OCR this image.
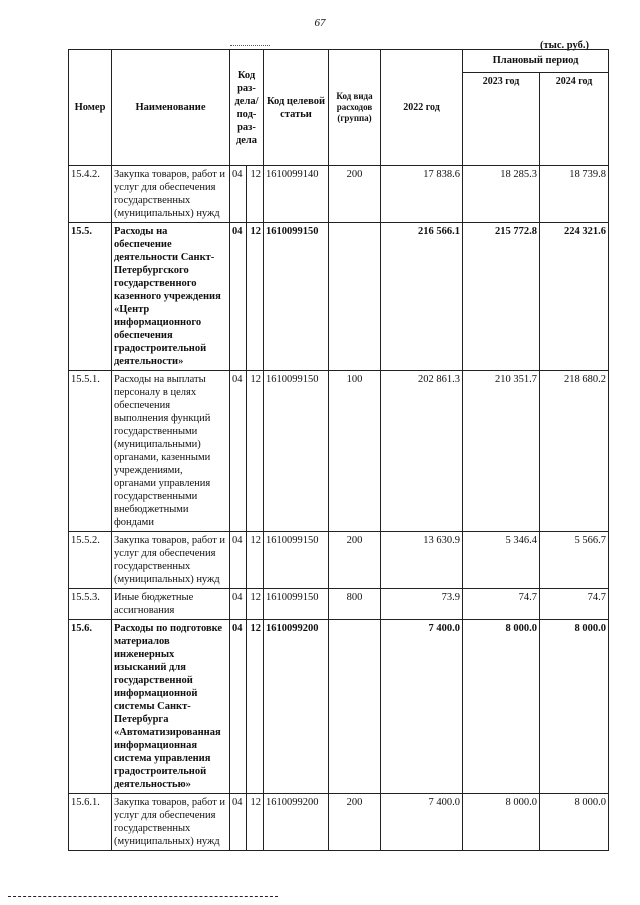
67
(тыс. руб.)
Номер	Наименование	Код раз-дела/ под-раз-дела		Код целевой статьи	Код вида расходов (группа)	2022 год	Плановый период	
							2023 год	2024 год
15.4.2.	Закупка товаров, работ и услуг для обеспечения государственных (муниципальных) нужд	04	12	1610099140	200	17 838.6	18 285.3	18 739.8
15.5.	Расходы на обеспечение деятельности Санкт-Петербургского государственного казенного учреждения «Центр информационного обеспечения градостроительной деятельности»	04	12	1610099150		216 566.1	215 772.8	224 321.6
15.5.1.	Расходы на выплаты персоналу в целях обеспечения выполнения функций государственными (муниципальными) органами, казенными учреждениями, органами управления государственными внебюджетными фондами	04	12	1610099150	100	202 861.3	210 351.7	218 680.2
15.5.2.	Закупка товаров, работ и услуг для обеспечения государственных (муниципальных) нужд	04	12	1610099150	200	13 630.9	5 346.4	5 566.7
15.5.3.	Иные бюджетные ассигнования	04	12	1610099150	800	73.9	74.7	74.7
15.6.	Расходы по подготовке материалов инженерных изысканий для государственной информационной системы Санкт-Петербурга «Автоматизированная информационная система управления градостроительной деятельностью»	04	12	1610099200		7 400.0	8 000.0	8 000.0
15.6.1.	Закупка товаров, работ и услуг для обеспечения государственных (муниципальных) нужд	04	12	1610099200	200	7 400.0	8 000.0	8 000.0
